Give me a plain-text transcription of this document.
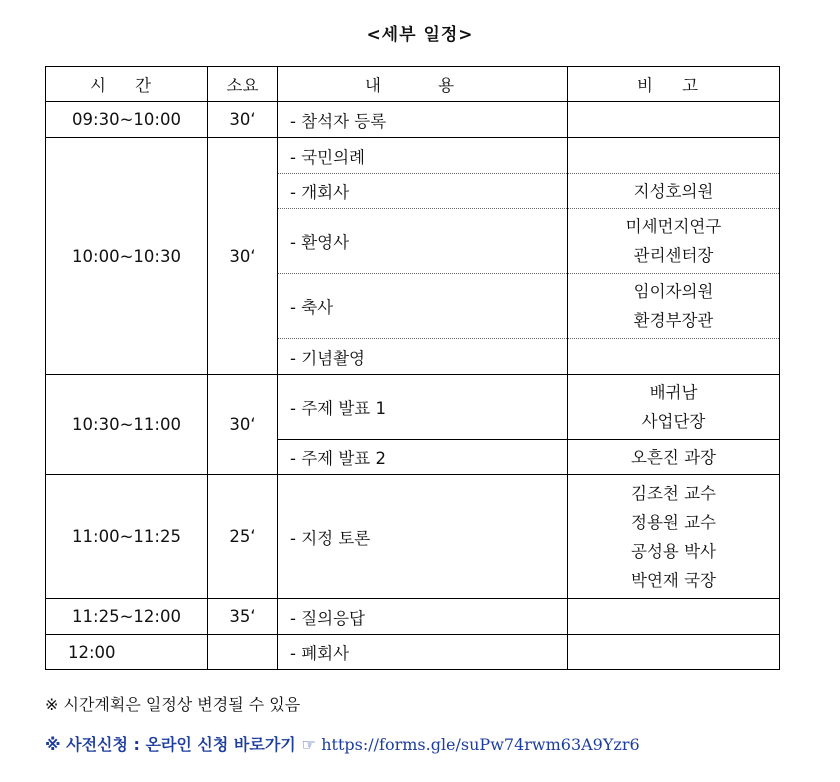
<세부 일정>
시 간	소요	내 용	비 고
09:30~10:00	30‘	- 참석자 등록	
10:00~10:30	30‘	- 국민의례	
		- 개회사	지성호의원

		- 환영사	미세먼지연구
관리센터장

		- 축사	임이자의원
환경부장관

		- 기념촬영	
10:30~11:00	30‘	- 주제 발표 1	배귀남
사업단장

		- 주제 발표 2	오흔진 과장

11:00~11:25	25‘	- 지정 토론	김조천 교수
정용원 교수
공성용 박사
박연재 국장

11:25~12:00	35‘	- 질의응답	
12:00		- 폐회사	
※ 시간계획은 일정상 변경될 수 있음
※ 사전신청 : 온라인 신청 바로가기 ☞ https://forms.gle/suPw74rwm63A9Yzr6
